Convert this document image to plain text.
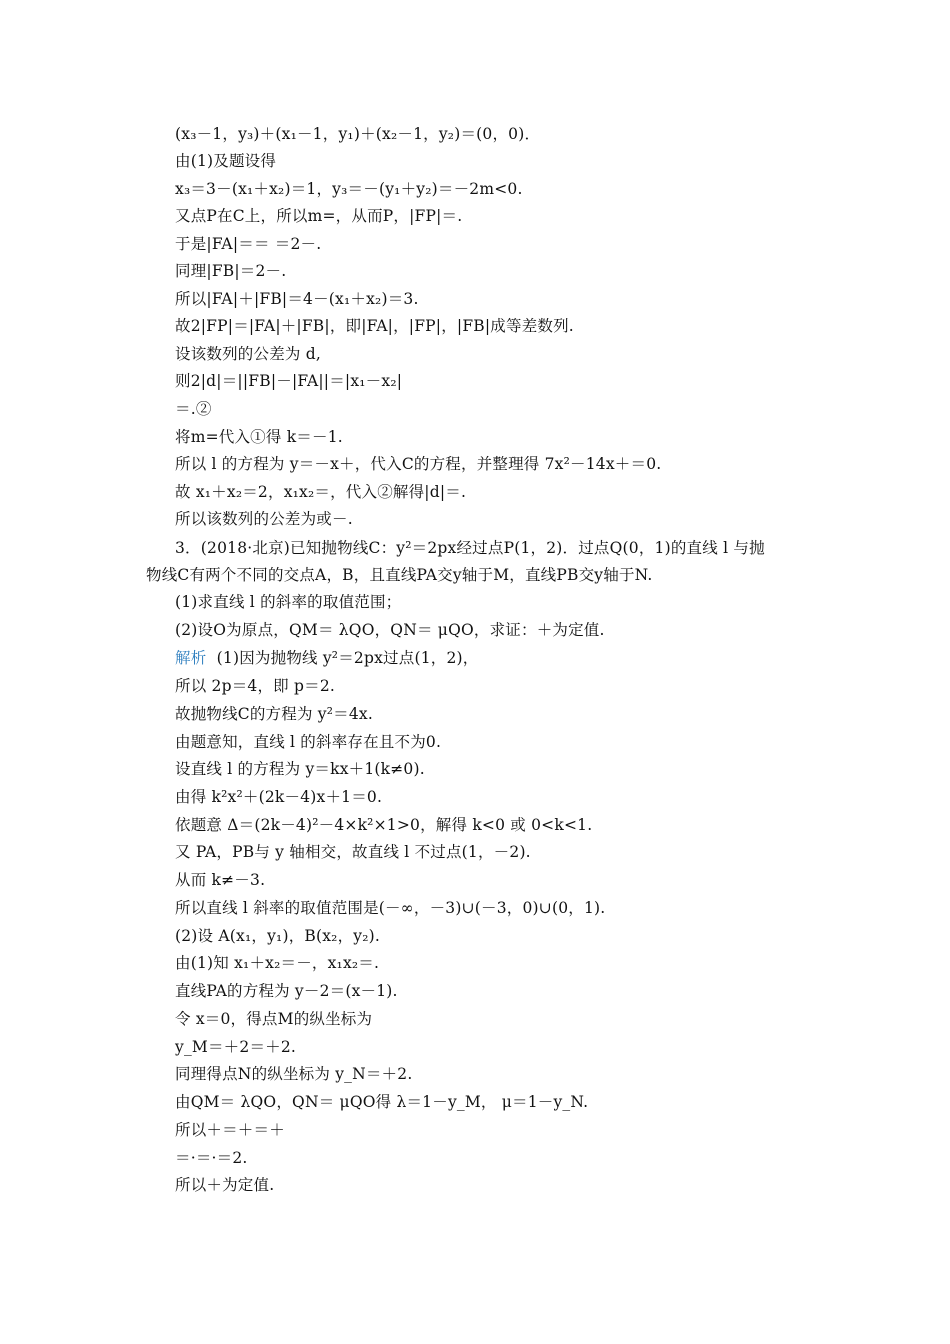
(x₃－1，y₃)＋(x₁－1，y₁)＋(x₂－1，y₂)＝(0，0)．
由(1)及题设得
x₃＝3－(x₁＋x₂)＝1，y₃＝－(y₁＋y₂)＝－2m<0.
又点P在C上，所以m=，从而P，|FP|＝.
于是|FA|＝＝ ＝2－.
同理|FB|＝2－.
所以|FA|＋|FB|＝4－(x₁＋x₂)＝3.
故2|FP|＝|FA|＋|FB|，即|FA|，|FP|，|FB|成等差数列.
设该数列的公差为 d,
则2|d|＝||FB|－|FA||＝|x₁－x₂|
＝.②
将m=代入①得 k＝－1.
所以 l 的方程为 y＝－x＋，代入C的方程，并整理得 7x²－14x＋＝0.
故 x₁＋x₂＝2，x₁x₂＝，代入②解得|d|＝.
所以该数列的公差为或－.
3．(2018·北京)已知抛物线C：y²＝2px经过点P(1，2)．过点Q(0，1)的直线 l 与抛
物线C有两个不同的交点A，B，且直线PA交y轴于M，直线PB交y轴于N.
(1)求直线 l 的斜率的取值范围；
(2)设O为原点，QM＝ λQO，QN＝ μQO，求证：＋为定值.
解析 (1)因为抛物线 y²＝2px过点(1，2)，
所以 2p＝4，即 p＝2.
故抛物线C的方程为 y²＝4x.
由题意知，直线 l 的斜率存在且不为0.
设直线 l 的方程为 y＝kx＋1(k≠0).
由得 k²x²＋(2k－4)x＋1＝0.
依题意 Δ＝(2k－4)²－4×k²×1>0，解得 k<0 或 0<k<1.
又 PA，PB与 y 轴相交，故直线 l 不过点(1，－2).
从而 k≠－3.
所以直线 l 斜率的取值范围是(－∞，－3)∪(－3，0)∪(0，1).
(2)设 A(x₁，y₁)，B(x₂，y₂).
由(1)知 x₁＋x₂＝－，x₁x₂＝.
直线PA的方程为 y－2＝(x－1).
令 x＝0，得点M的纵坐标为
y_M＝＋2＝＋2.
同理得点N的纵坐标为 y_N＝＋2.
由QM＝ λQO，QN＝ μQO得 λ＝1－y_M， μ＝1－y_N.
所以＋＝＋＝＋
＝·＝·＝2.
所以＋为定值.
